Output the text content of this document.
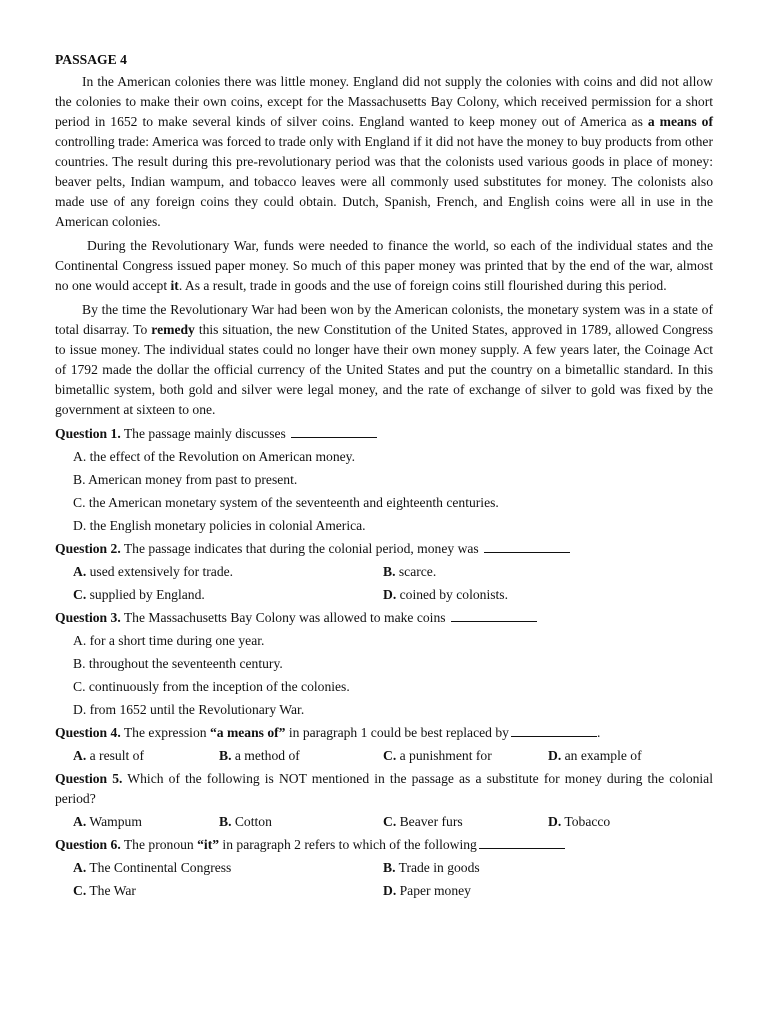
PASSAGE 4

In the American colonies there was little money. England did not supply the colonies with coins and did not allow the colonies to make their own coins, except for the Massachusetts Bay Colony, which received permission for a short period in 1652 to make several kinds of silver coins. England wanted to keep money out of America as a means of controlling trade: America was forced to trade only with England if it did not have the money to buy products from other countries. The result during this pre-revolutionary period was that the colonists used various goods in place of money: beaver pelts, Indian wampum, and tobacco leaves were all commonly used substitutes for money. The colonists also made use of any foreign coins they could obtain. Dutch, Spanish, French, and English coins were all in use in the American colonies.

During the Revolutionary War, funds were needed to finance the world, so each of the individual states and the Continental Congress issued paper money. So much of this paper money was printed that by the end of the war, almost no one would accept it. As a result, trade in goods and the use of foreign coins still flourished during this period.

By the time the Revolutionary War had been won by the American colonists, the monetary system was in a state of total disarray. To remedy this situation, the new Constitution of the United States, approved in 1789, allowed Congress to issue money. The individual states could no longer have their own money supply. A few years later, the Coinage Act of 1792 made the dollar the official currency of the United States and put the country on a bimetallic standard. In this bimetallic system, both gold and silver were legal money, and the rate of exchange of silver to gold was fixed by the government at sixteen to one.

Question 1. The passage mainly discusses
A. the effect of the Revolution on American money.
B. American money from past to present.
C. the American monetary system of the seventeenth and eighteenth centuries.
D. the English monetary policies in colonial America.
Question 2. The passage indicates that during the colonial period, money was
A. used extensively for trade.	B. scarce.
C. supplied by England.	D. coined by colonists.
Question 3. The Massachusetts Bay Colony was allowed to make coins
A. for a short time during one year.
B. throughout the seventeenth century.
C. continuously from the inception of the colonies.
D. from 1652 until the Revolutionary War.
Question 4. The expression “a means of” in paragraph 1 could be best replaced by	.
A. a result of	B. a method of	C. a punishment for	D. an example of
Question 5. Which of the following is NOT mentioned in the passage as a substitute for money during the colonial period?
A. Wampum	B. Cotton	C. Beaver furs	D. Tobacco
Question 6. The pronoun “it” in paragraph 2 refers to which of the following
A. The Continental Congress	B. Trade in goods
C. The War	D. Paper money
